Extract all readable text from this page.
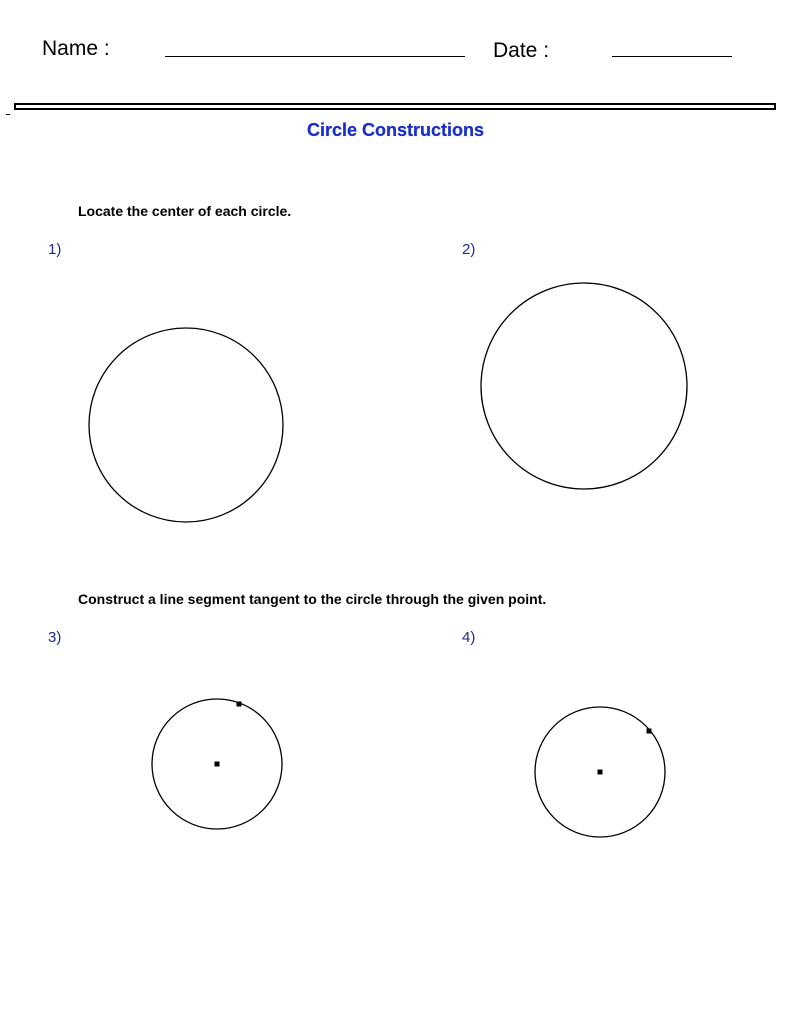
Name :	Date :
Circle Constructions
Locate the center of each circle.
1)	2)
Construct a line segment tangent to the circle through the given point.
3)	4)
